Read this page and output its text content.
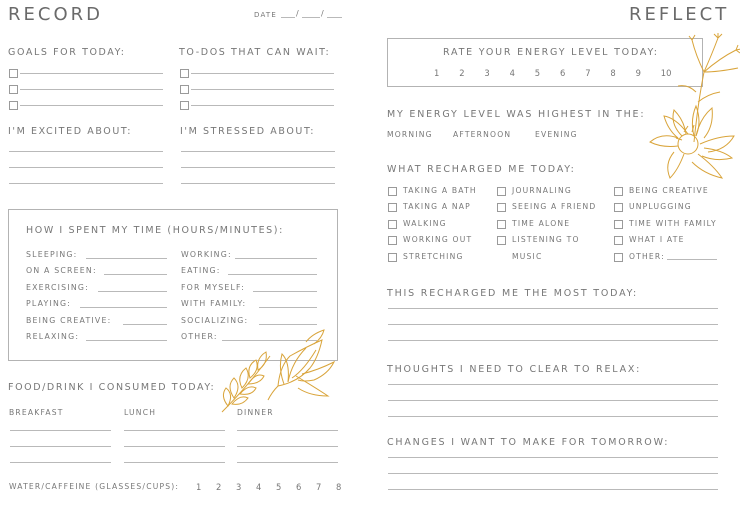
RECORD	DATE /	/
GOALS FOR TODAY:	TO-DOS THAT CAN WAIT:
I'M EXCITED ABOUT:	I'M STRESSED ABOUT:
HOW I SPENT MY TIME (HOURS/MINUTES):
SLEEPING:
ON A SCREEN:
EXERCISING:
PLAYING:
BEING CREATIVE:
RELAXING:
WORKING:
EATING:
FOR MYSELF:
WITH FAMILY:
SOCIALIZING:
OTHER:
FOOD/DRINK I CONSUMED TODAY:
BREAKFAST	LUNCH	DINNER
WATER/CAFFEINE (GLASSES/CUPS): 1 2 3 4 5 6 7 8
REFLECT
RATE YOUR ENERGY LEVEL TODAY:
1 2 3 4 5 6 7 8 9 10
MY ENERGY LEVEL WAS HIGHEST IN THE:
MORNING	AFTERNOON	EVENING
WHAT RECHARGED ME TODAY:
TAKING A BATH
TAKING A NAP
WALKING
WORKING OUT
STRETCHING
JOURNALING
SEEING A FRIEND
TIME ALONE
LISTENING TO
MUSIC
BEING CREATIVE
UNPLUGGING
TIME WITH FAMILY
WHAT I ATE
OTHER:
THIS RECHARGED ME THE MOST TODAY:
THOUGHTS I NEED TO CLEAR TO RELAX:
CHANGES I WANT TO MAKE FOR TOMORROW:
